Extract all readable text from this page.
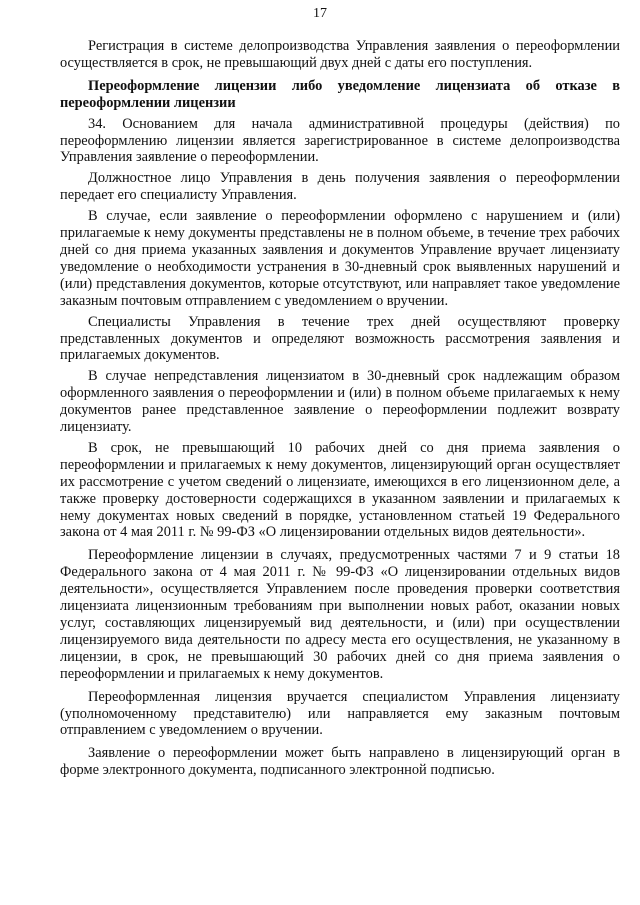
17

Регистрация в системе делопроизводства Управления заявления о переоформлении осуществляется в срок, не превышающий двух дней с даты его поступления.

Переоформление лицензии либо уведомление лицензиата об отказе в переоформлении лицензии

34. Основанием для начала административной процедуры (действия) по переоформлению лицензии является зарегистрированное в системе делопроизводства Управления заявление о переоформлении.

Должностное лицо Управления в день получения заявления о переоформлении передает его специалисту Управления.

В случае, если заявление о переоформлении оформлено с нарушением и (или) прилагаемые к нему документы представлены не в полном объеме, в течение трех рабочих дней со дня приема указанных заявления и документов Управление вручает лицензиату уведомление о необходимости устранения в 30-дневный срок выявленных нарушений и (или) представления документов, которые отсутствуют, или направляет такое уведомление заказным почтовым отправлением с уведомлением о вручении.

Специалисты Управления в течение трех дней осуществляют проверку представленных документов и определяют возможность рассмотрения заявления и прилагаемых документов.

В случае непредставления лицензиатом в 30-дневный срок надлежащим образом оформленного заявления о переоформлении и (или) в полном объеме прилагаемых к нему документов ранее представленное заявление о переоформлении подлежит возврату лицензиату.

В срок, не превышающий 10 рабочих дней со дня приема заявления о переоформлении и прилагаемых к нему документов, лицензирующий орган осуществляет их рассмотрение с учетом сведений о лицензиате, имеющихся в его лицензионном деле, а также проверку достоверности содержащихся в указанном заявлении и прилагаемых к нему документах новых сведений в порядке, установленном статьей 19 Федерального закона от 4 мая 2011 г. № 99-ФЗ «О лицензировании отдельных видов деятельности».

Переоформление лицензии в случаях, предусмотренных частями 7 и 9 статьи 18 Федерального закона от 4 мая 2011 г. № 99-ФЗ «О лицензировании отдельных видов деятельности», осуществляется Управлением после проведения проверки соответствия лицензиата лицензионным требованиям при выполнении новых работ, оказании новых услуг, составляющих лицензируемый вид деятельности, и (или) при осуществлении лицензируемого вида деятельности по адресу места его осуществления, не указанному в лицензии, в срок, не превышающий 30 рабочих дней со дня приема заявления о переоформлении и прилагаемых к нему документов.

Переоформленная лицензия вручается специалистом Управления лицензиату (уполномоченному представителю) или направляется ему заказным почтовым отправлением с уведомлением о вручении.

Заявление о переоформлении может быть направлено в лицензирующий орган в форме электронного документа, подписанного электронной подписью.
